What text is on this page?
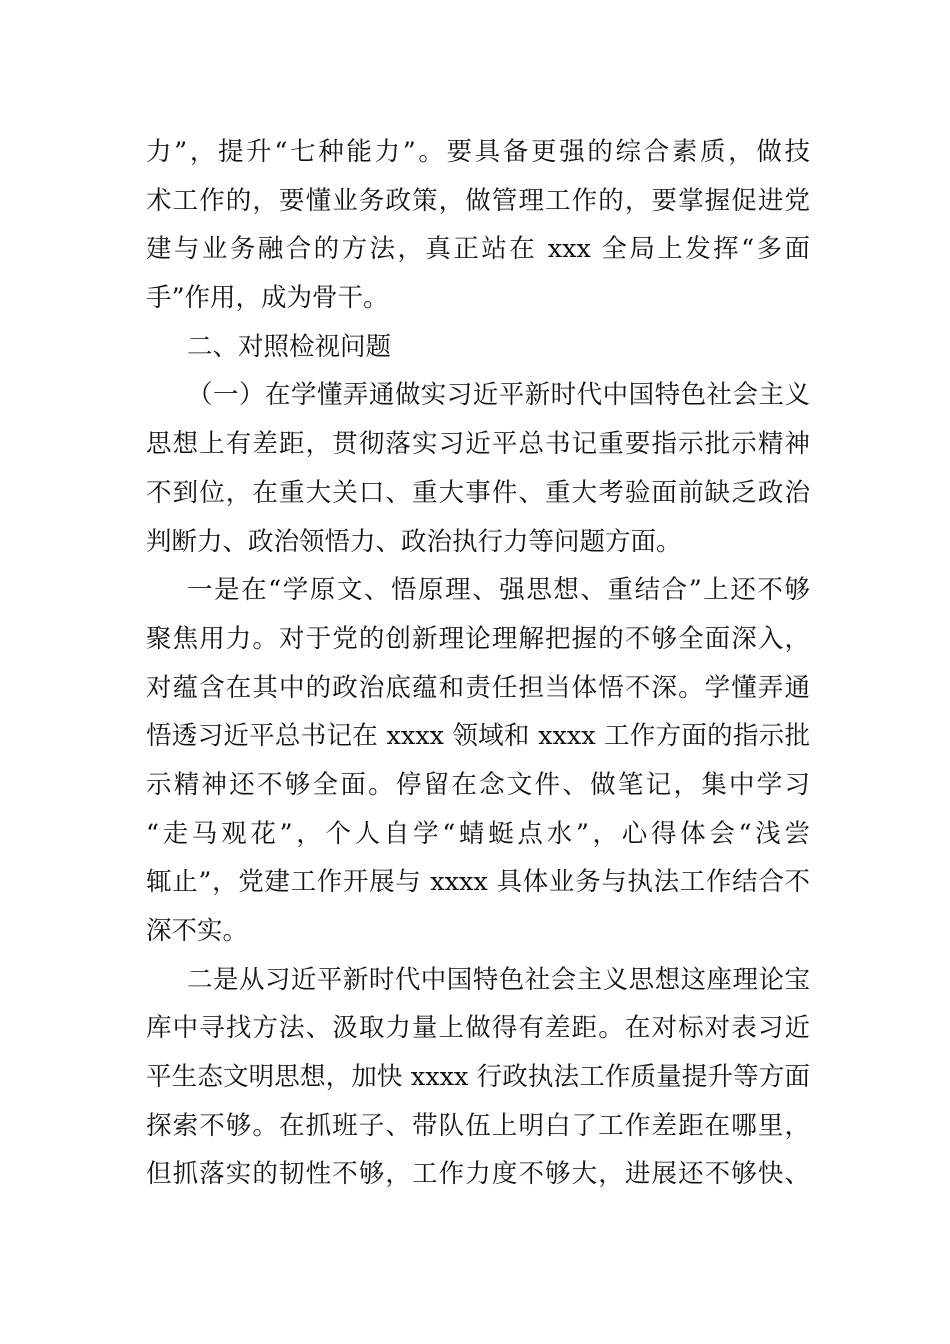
力”，提升“七种能力”。要具备更强的综合素质，做技
术工作的，要懂业务政策，做管理工作的，要掌握促进党
建与业务融合的方法，真正站在 xxx 全局上发挥“多面
手”作用，成为骨干。
二、对照检视问题
（一）在学懂弄通做实习近平新时代中国特色社会主义
思想上有差距，贯彻落实习近平总书记重要指示批示精神
不到位，在重大关口、重大事件、重大考验面前缺乏政治
判断力、政治领悟力、政治执行力等问题方面。
一是在“学原文、悟原理、强思想、重结合”上还不够
聚焦用力。对于党的创新理论理解把握的不够全面深入，
对蕴含在其中的政治底蕴和责任担当体悟不深。学懂弄通
悟透习近平总书记在 xxxx 领域和 xxxx 工作方面的指示批
示精神还不够全面。停留在念文件、做笔记，集中学习
“走马观花”，个人自学“蜻蜓点水”，心得体会“浅尝
辄止”，党建工作开展与 xxxx 具体业务与执法工作结合不
深不实。
二是从习近平新时代中国特色社会主义思想这座理论宝
库中寻找方法、汲取力量上做得有差距。在对标对表习近
平生态文明思想，加快 xxxx 行政执法工作质量提升等方面
探索不够。在抓班子、带队伍上明白了工作差距在哪里，
但抓落实的韧性不够，工作力度不够大，进展还不够快、
